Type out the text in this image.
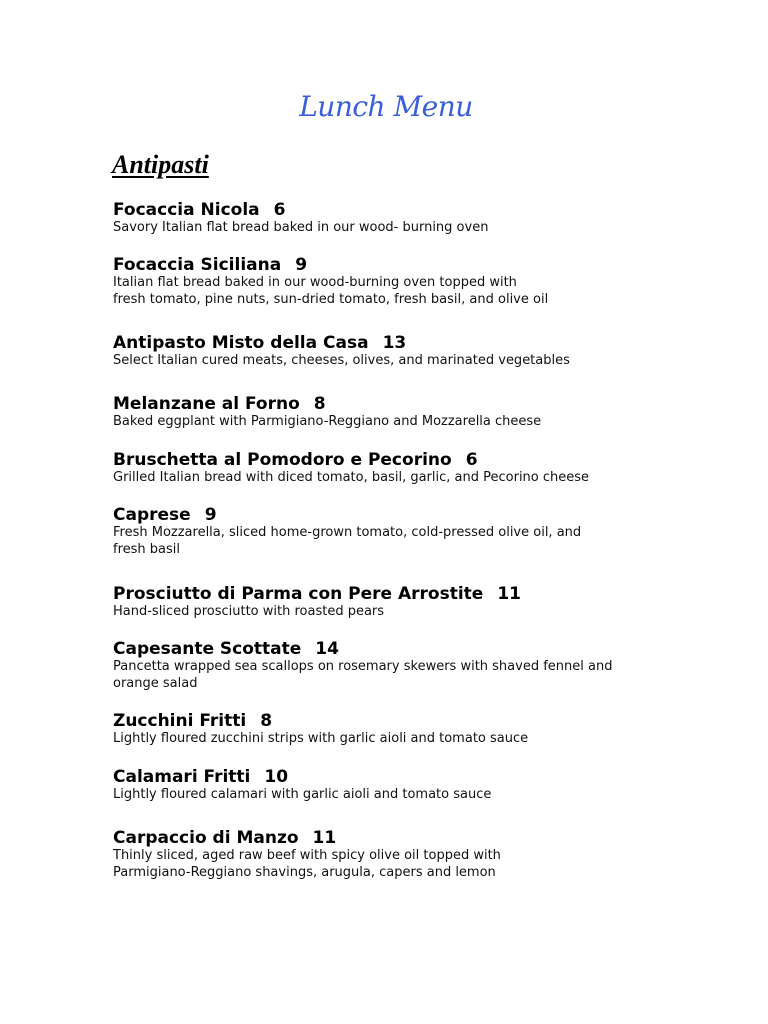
Lunch Menu
Antipasti
Focaccia Nicola 6
Savory Italian flat bread baked in our wood- burning oven
Focaccia Siciliana 9
Italian flat bread baked in our wood-burning oven topped with
fresh tomato, pine nuts, sun-dried tomato, fresh basil, and olive oil
Antipasto Misto della Casa 13
Select Italian cured meats, cheeses, olives, and marinated vegetables
Melanzane al Forno 8
Baked eggplant with Parmigiano-Reggiano and Mozzarella cheese
Bruschetta al Pomodoro e Pecorino 6
Grilled Italian bread with diced tomato, basil, garlic, and Pecorino cheese
Caprese 9
Fresh Mozzarella, sliced home-grown tomato, cold-pressed olive oil, and
fresh basil
Prosciutto di Parma con Pere Arrostite 11
Hand-sliced prosciutto with roasted pears
Capesante Scottate 14
Pancetta wrapped sea scallops on rosemary skewers with shaved fennel and
orange salad
Zucchini Fritti 8
Lightly floured zucchini strips with garlic aioli and tomato sauce
Calamari Fritti 10
Lightly floured calamari with garlic aioli and tomato sauce
Carpaccio di Manzo 11
Thinly sliced, aged raw beef with spicy olive oil topped with
Parmigiano-Reggiano shavings, arugula, capers and lemon
